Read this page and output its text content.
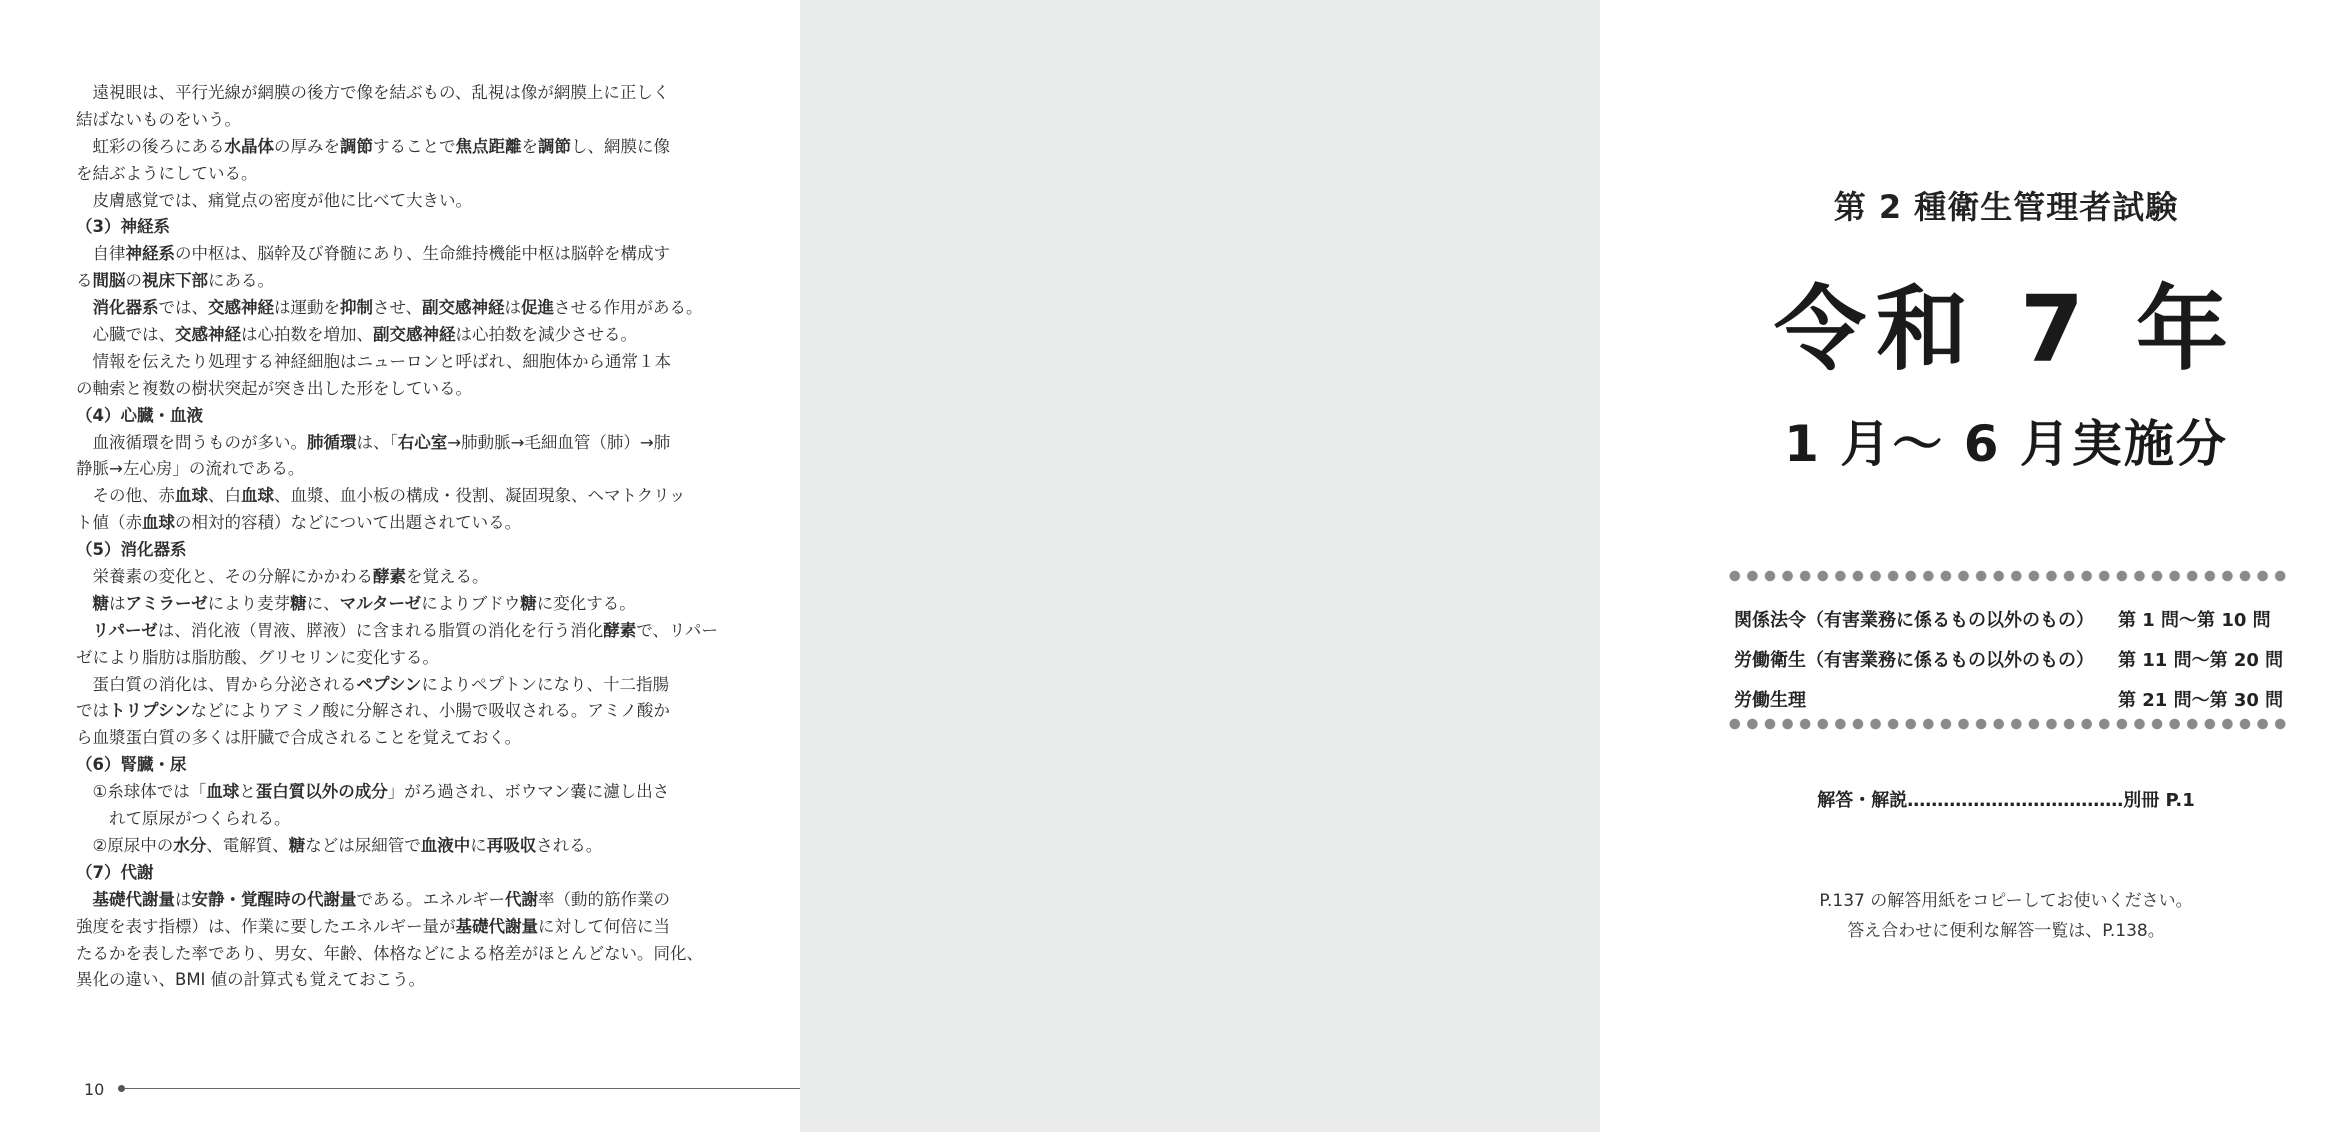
遠視眼は、平行光線が網膜の後方で像を結ぶもの、乱視は像が網膜上に正しく
結ばないものをいう。
虹彩の後ろにある水晶体の厚みを調節することで焦点距離を調節し、網膜に像
を結ぶようにしている。
皮膚感覚では、痛覚点の密度が他に比べて大きい。
（3）神経系
自律神経系の中枢は、脳幹及び脊髄にあり、生命維持機能中枢は脳幹を構成す
る間脳の視床下部にある。
消化器系では、交感神経は運動を抑制させ、副交感神経は促進させる作用がある。
心臓では、交感神経は心拍数を増加、副交感神経は心拍数を減少させる。
情報を伝えたり処理する神経細胞はニューロンと呼ばれ、細胞体から通常１本
の軸索と複数の樹状突起が突き出した形をしている。
（4）心臓・血液
血液循環を問うものが多い。肺循環は、「右心室→肺動脈→毛細血管（肺）→肺
静脈→左心房」の流れである。
その他、赤血球、白血球、血漿、血小板の構成・役割、凝固現象、ヘマトクリッ
ト値（赤血球の相対的容積）などについて出題されている。
（5）消化器系
栄養素の変化と、その分解にかかわる酵素を覚える。
糖はアミラーゼにより麦芽糖に、マルターゼによりブドウ糖に変化する。
リパーゼは、消化液（胃液、膵液）に含まれる脂質の消化を行う消化酵素で、リパー
ゼにより脂肪は脂肪酸、グリセリンに変化する。
蛋白質の消化は、胃から分泌されるペプシンによりペプトンになり、十二指腸
ではトリプシンなどによりアミノ酸に分解され、小腸で吸収される。アミノ酸か
ら血漿蛋白質の多くは肝臓で合成されることを覚えておく。
（6）腎臓・尿
①糸球体では「血球と蛋白質以外の成分」がろ過され、ボウマン嚢に濾し出さ
れて原尿がつくられる。
②原尿中の水分、電解質、糖などは尿細管で血液中に再吸収される。
（7）代謝
基礎代謝量は安静・覚醒時の代謝量である。エネルギー代謝率（動的筋作業の
強度を表す指標）は、作業に要したエネルギー量が基礎代謝量に対して何倍に当
たるかを表した率であり、男女、年齢、体格などによる格差がほとんどない。同化、
異化の違い、BMI 値の計算式も覚えておこう。
10
第 2 種衛生管理者試験
令和 7 年
1 月～ 6 月実施分
関係法令（有害業務に係るもの以外のもの） 第 1 問～第 10 問
労働衛生（有害業務に係るもの以外のもの） 第 11 問～第 20 問
労働生理	第 21 問～第 30 問
解答・解説………………………………別冊 P.1
P.137 の解答用紙をコピーしてお使いください。
答え合わせに便利な解答一覧は、P.138。
